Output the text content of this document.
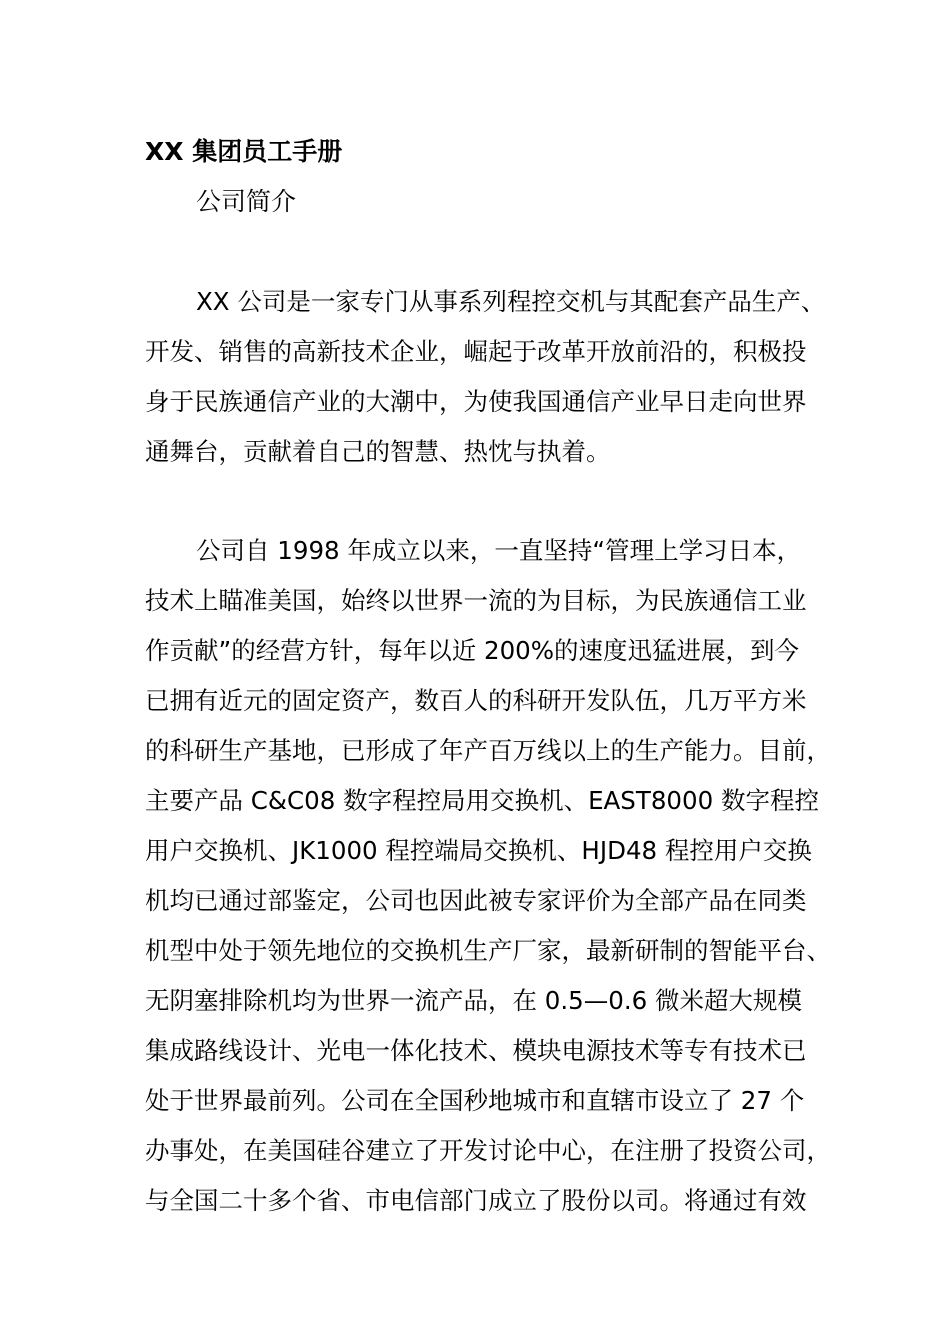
XX 集团员工手册
公司简介
XX 公司是一家专门从事系列程控交机与其配套产品生产、
开发、销售的高新技术企业，崛起于改革开放前沿的，积极投
身于民族通信产业的大潮中，为使我国通信产业早日走向世界
通舞台，贡献着自己的智慧、热忱与执着。
公司自 1998 年成立以来，一直坚持“管理上学习日本，
技术上瞄准美国，始终以世界一流的为目标，为民族通信工业
作贡献”的经营方针，每年以近 200%的速度迅猛进展，到今
已拥有近元的固定资产，数百人的科研开发队伍，几万平方米
的科研生产基地，已形成了年产百万线以上的生产能力。目前，
主要产品 C&C08 数字程控局用交换机、EAST8000 数字程控
用户交换机、JK1000 程控端局交换机、HJD48 程控用户交换
机均已通过部鉴定，公司也因此被专家评价为全部产品在同类
机型中处于领先地位的交换机生产厂家，最新研制的智能平台、
无阴塞排除机均为世界一流产品，在 0.5—0.6 微米超大规模
集成路线设计、光电一体化技术、模块电源技术等专有技术已
处于世界最前列。公司在全国秒地城市和直辖市设立了 27 个
办事处，在美国硅谷建立了开发讨论中心，在注册了投资公司，
与全国二十多个省、市电信部门成立了股份以司。将通过有效
